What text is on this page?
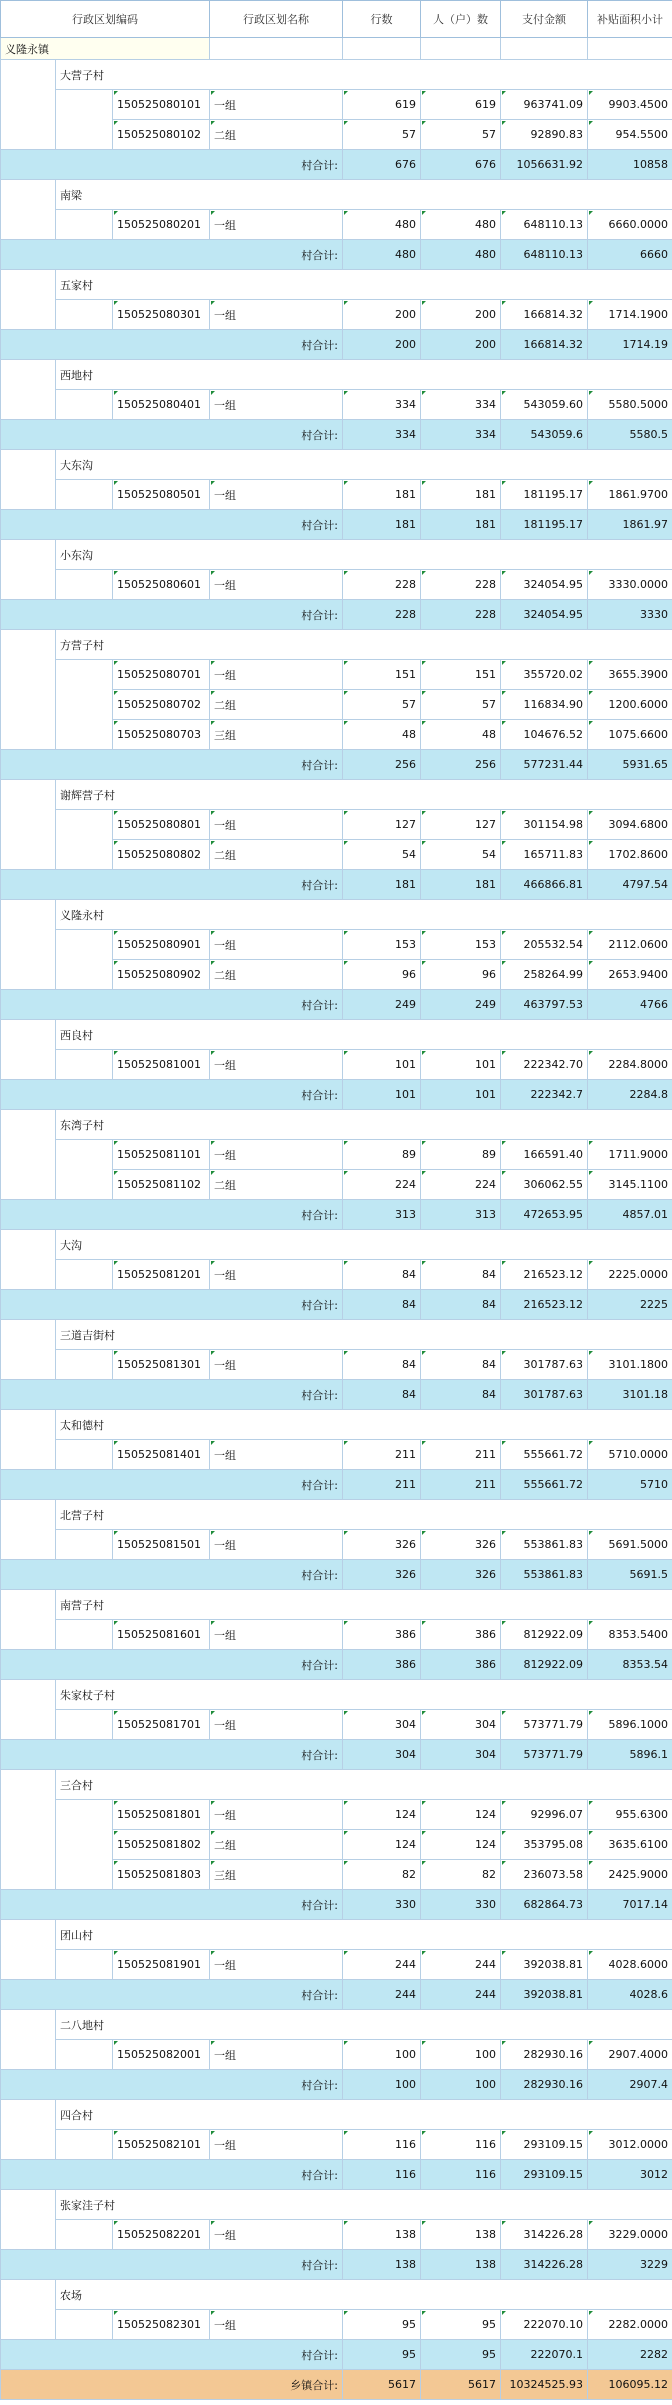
行政区划编码			行政区划名称	行数	人（户）数	支付金额	补贴面积小计
义隆永镇							
	大营子村						
		150525080101	一组	619	619	963741.09	9903.4500
		150525080102	二组	57	57	92890.83	954.5500
村合计:				676	676	1056631.92	10858
	南梁						
		150525080201	一组	480	480	648110.13	6660.0000
村合计:				480	480	648110.13	6660
	五家村						
		150525080301	一组	200	200	166814.32	1714.1900
村合计:				200	200	166814.32	1714.19
	西地村						
		150525080401	一组	334	334	543059.60	5580.5000
村合计:				334	334	543059.6	5580.5
	大东沟						
		150525080501	一组	181	181	181195.17	1861.9700
村合计:				181	181	181195.17	1861.97
	小东沟						
		150525080601	一组	228	228	324054.95	3330.0000
村合计:				228	228	324054.95	3330
	方营子村						
		150525080701	一组	151	151	355720.02	3655.3900
		150525080702	二组	57	57	116834.90	1200.6000
		150525080703	三组	48	48	104676.52	1075.6600
村合计:				256	256	577231.44	5931.65
	谢辉营子村						
		150525080801	一组	127	127	301154.98	3094.6800
		150525080802	二组	54	54	165711.83	1702.8600
村合计:				181	181	466866.81	4797.54
	义隆永村						
		150525080901	一组	153	153	205532.54	2112.0600
		150525080902	二组	96	96	258264.99	2653.9400
村合计:				249	249	463797.53	4766
	西良村						
		150525081001	一组	101	101	222342.70	2284.8000
村合计:				101	101	222342.7	2284.8
	东湾子村						
		150525081101	一组	89	89	166591.40	1711.9000
		150525081102	二组	224	224	306062.55	3145.1100
村合计:				313	313	472653.95	4857.01
	大沟						
		150525081201	一组	84	84	216523.12	2225.0000
村合计:				84	84	216523.12	2225
	三道吉街村						
		150525081301	一组	84	84	301787.63	3101.1800
村合计:				84	84	301787.63	3101.18
	太和德村						
		150525081401	一组	211	211	555661.72	5710.0000
村合计:				211	211	555661.72	5710
	北营子村						
		150525081501	一组	326	326	553861.83	5691.5000
村合计:				326	326	553861.83	5691.5
	南营子村						
		150525081601	一组	386	386	812922.09	8353.5400
村合计:				386	386	812922.09	8353.54
	朱家杖子村						
		150525081701	一组	304	304	573771.79	5896.1000
村合计:				304	304	573771.79	5896.1
	三合村						
		150525081801	一组	124	124	92996.07	955.6300
		150525081802	二组	124	124	353795.08	3635.6100
		150525081803	三组	82	82	236073.58	2425.9000
村合计:				330	330	682864.73	7017.14
	团山村						
		150525081901	一组	244	244	392038.81	4028.6000
村合计:				244	244	392038.81	4028.6
	二八地村						
		150525082001	一组	100	100	282930.16	2907.4000
村合计:				100	100	282930.16	2907.4
	四合村						
		150525082101	一组	116	116	293109.15	3012.0000
村合计:				116	116	293109.15	3012
	张家洼子村						
		150525082201	一组	138	138	314226.28	3229.0000
村合计:				138	138	314226.28	3229
	农场						
		150525082301	一组	95	95	222070.10	2282.0000
村合计:				95	95	222070.1	2282
乡镇合计:				5617	5617	10324525.93	106095.12
